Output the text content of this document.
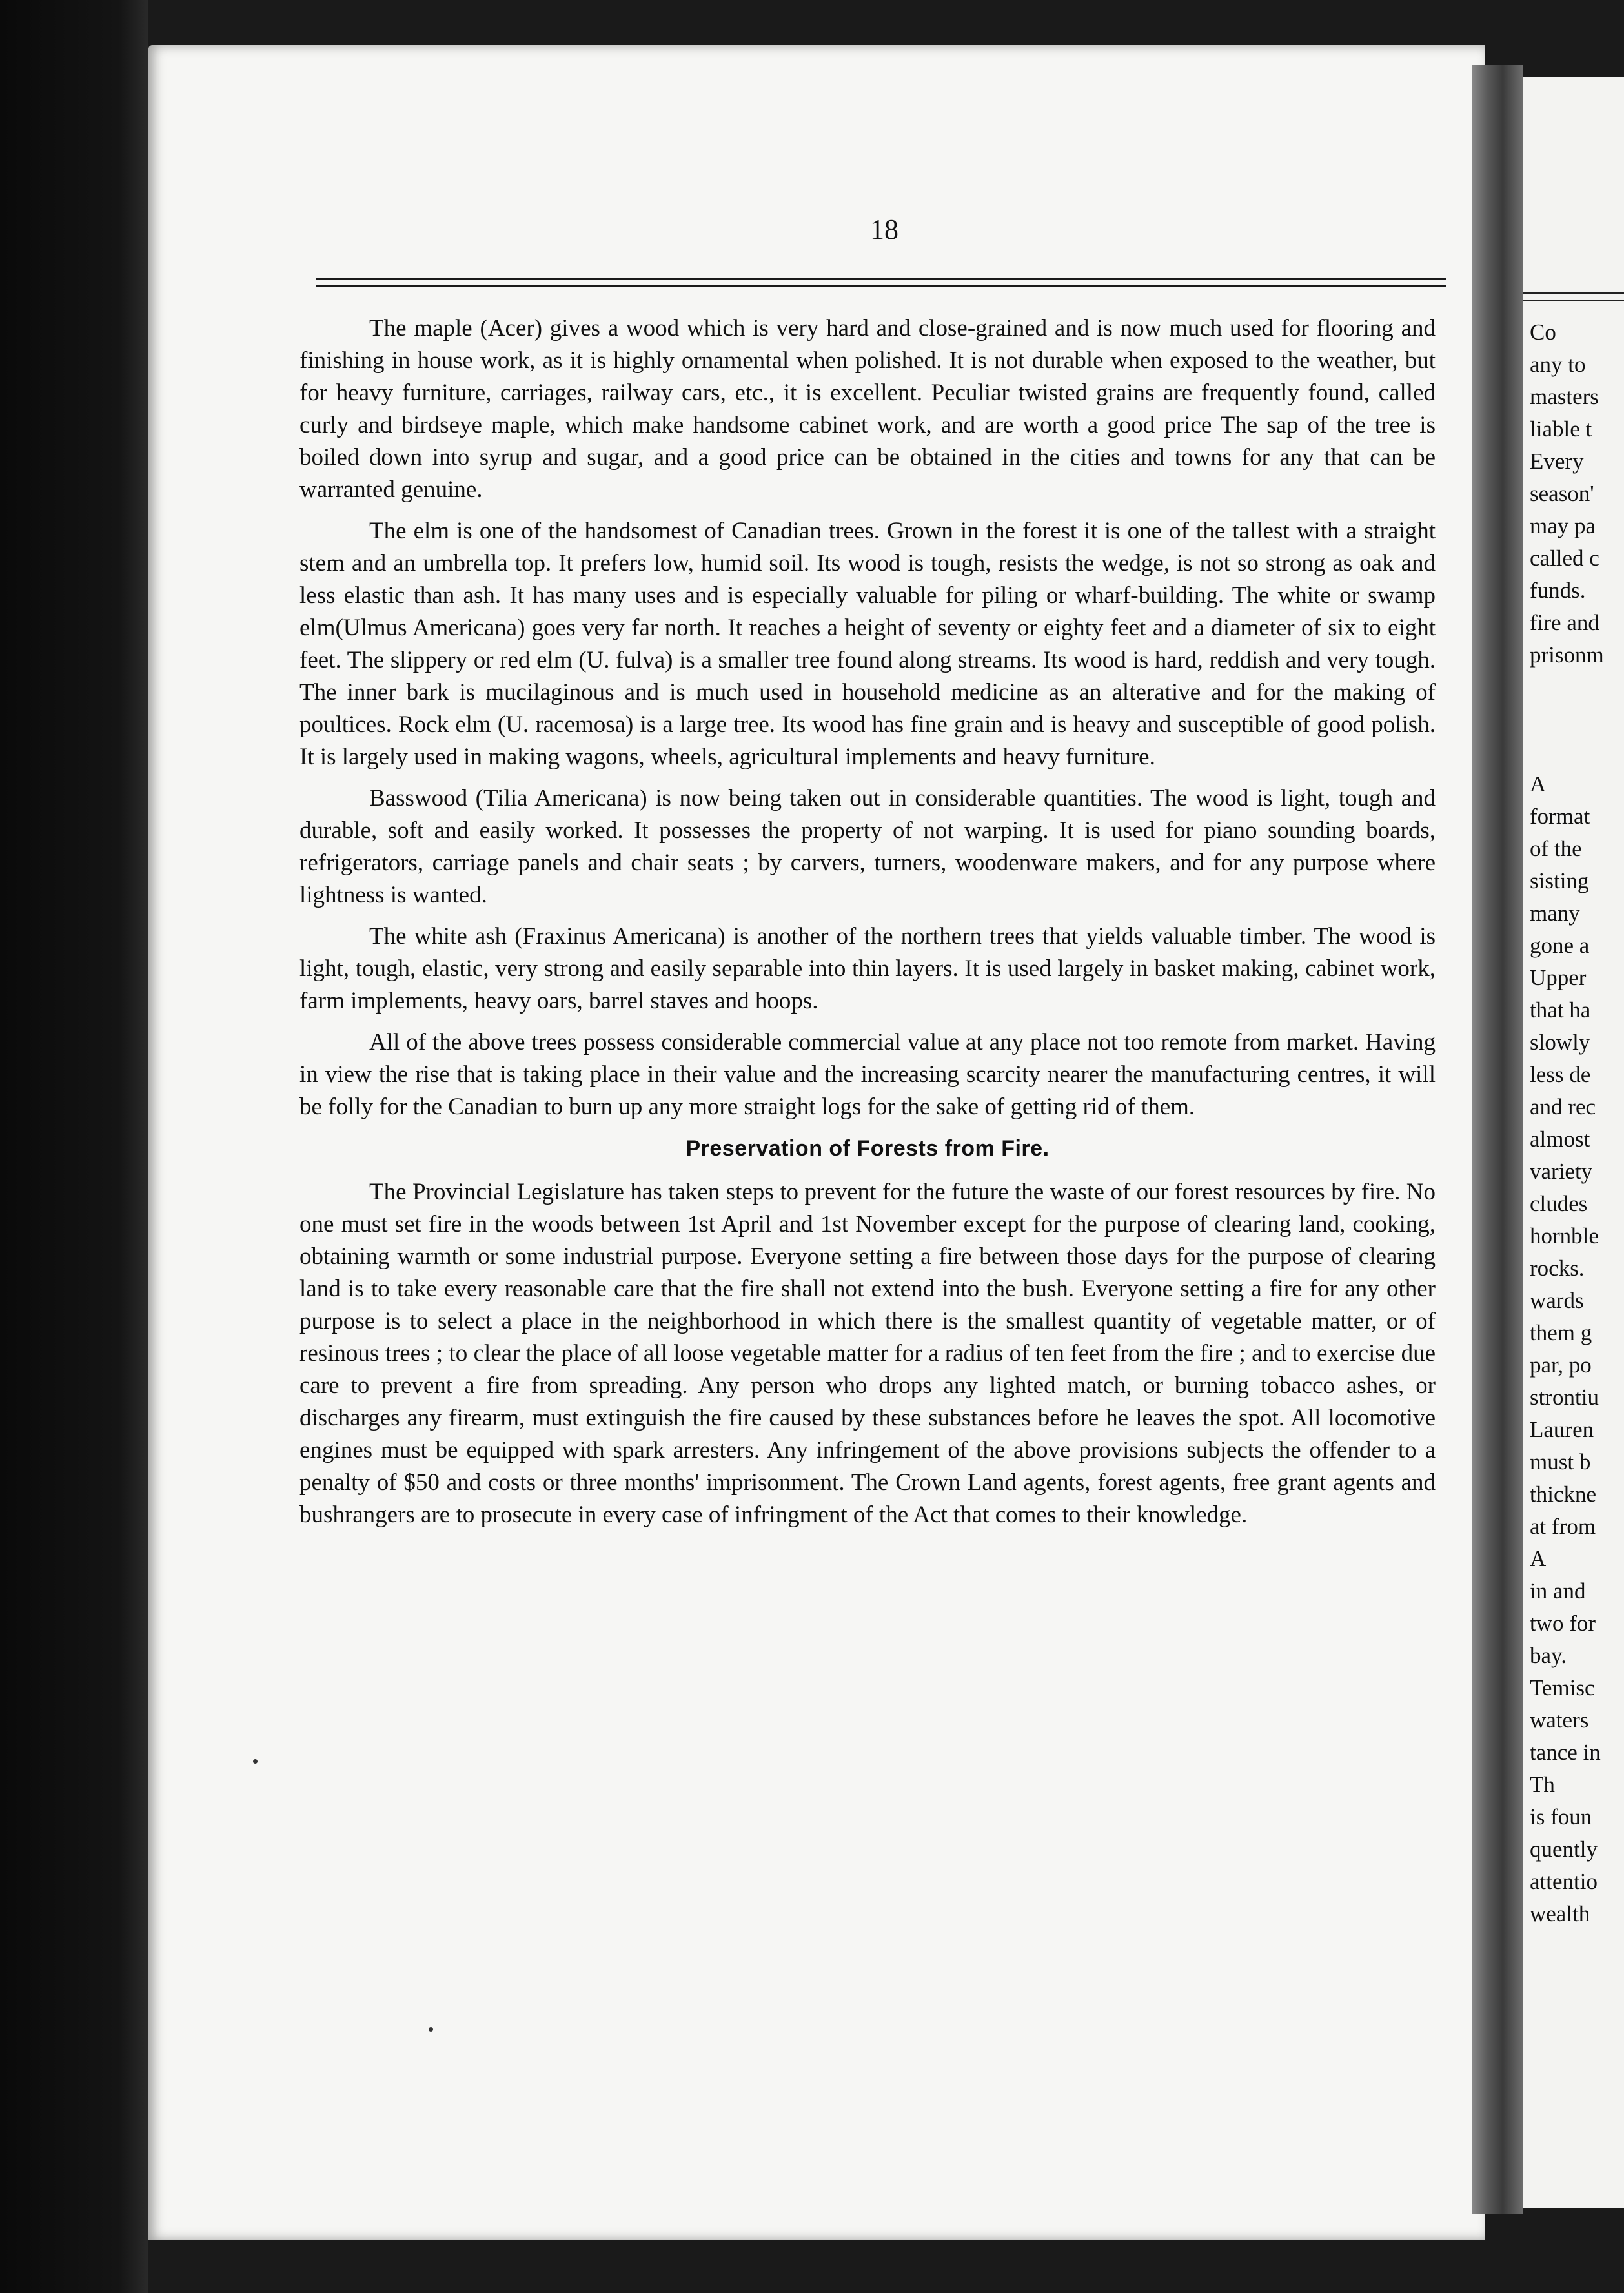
18

The maple (Acer) gives a wood which is very hard and close-grained and is now much used for flooring and finishing in house work, as it is highly ornamental when polished. It is not durable when exposed to the weather, but for heavy furniture, carriages, railway cars, etc., it is excellent. Peculiar twisted grains are frequently found, called curly and birdseye maple, which make handsome cabinet work, and are worth a good price The sap of the tree is boiled down into syrup and sugar, and a good price can be obtained in the cities and towns for any that can be warranted genuine.

The elm is one of the handsomest of Canadian trees. Grown in the forest it is one of the tallest with a straight stem and an umbrella top. It prefers low, humid soil. Its wood is tough, resists the wedge, is not so strong as oak and less elastic than ash. It has many uses and is especially valuable for piling or wharf-building. The white or swamp elm(Ulmus Americana) goes very far north. It reaches a height of seventy or eighty feet and a diameter of six to eight feet. The slippery or red elm (U. fulva) is a smaller tree found along streams. Its wood is hard, reddish and very tough. The inner bark is mucilaginous and is much used in household medicine as an alterative and for the making of poultices. Rock elm (U. racemosa) is a large tree. Its wood has fine grain and is heavy and susceptible of good polish. It is largely used in making wagons, wheels, agricultural implements and heavy furniture.

Basswood (Tilia Americana) is now being taken out in considerable quantities. The wood is light, tough and durable, soft and easily worked. It possesses the property of not warping. It is used for piano sounding boards, refrigerators, carriage panels and chair seats ; by carvers, turners, woodenware makers, and for any purpose where lightness is wanted.

The white ash (Fraxinus Americana) is another of the northern trees that yields valuable timber. The wood is light, tough, elastic, very strong and easily separable into thin layers. It is used largely in basket making, cabinet work, farm implements, heavy oars, barrel staves and hoops.

All of the above trees possess considerable commercial value at any place not too remote from market. Having in view the rise that is taking place in their value and the increasing scarcity nearer the manufacturing centres, it will be folly for the Canadian to burn up any more straight logs for the sake of getting rid of them.

Preservation of Forests from Fire.

The Provincial Legislature has taken steps to prevent for the future the waste of our forest resources by fire. No one must set fire in the woods between 1st April and 1st November except for the purpose of clearing land, cooking, obtaining warmth or some industrial purpose. Everyone setting a fire between those days for the purpose of clearing land is to take every reasonable care that the fire shall not extend into the bush. Everyone setting a fire for any other purpose is to select a place in the neighborhood in which there is the smallest quantity of vegetable matter, or of resinous trees ; to clear the place of all loose vegetable matter for a radius of ten feet from the fire ; and to exercise due care to prevent a fire from spreading. Any person who drops any lighted match, or burning tobacco ashes, or discharges any firearm, must extinguish the fire caused by these substances before he leaves the spot. All locomotive engines must be equipped with spark arresters. Any infringement of the above provisions subjects the offender to a penalty of $50 and costs or three months' imprisonment. The Crown Land agents, forest agents, free grant agents and bushrangers are to prosecute in every case of infringment of the Act that comes to their knowledge.

Co
any to
masters
liable t
Every
season'
may pa
called c
funds.
fire and
prisonm
A
format
of the
sisting
many
gone a
Upper
that ha
slowly
less de
and rec
almost
variety
cludes
hornble
rocks.
wards
them g
par, po
strontiu
Lauren
must b
thickne
at from
A
in and
two for
bay.
Temisc
waters
tance in
Th
is foun
quently
attentio
wealth
